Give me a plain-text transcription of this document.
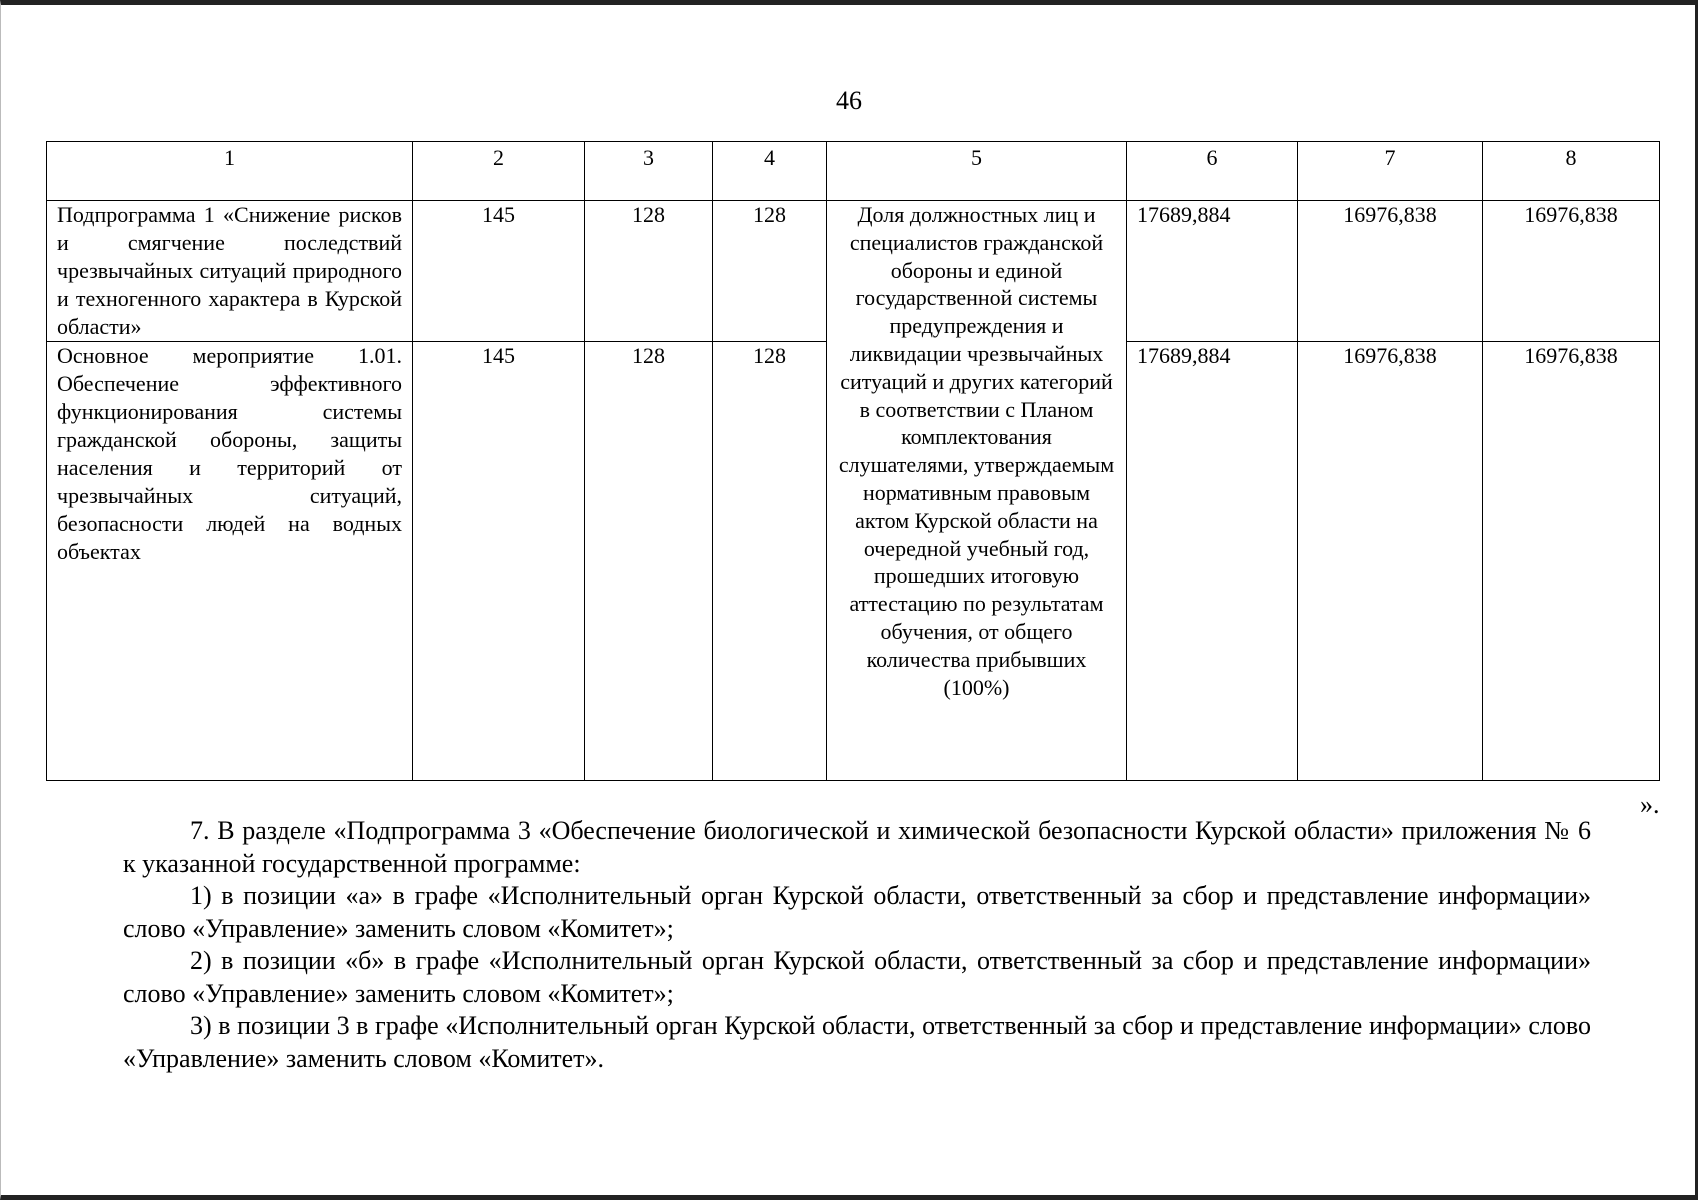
46
1	2	3	4	5	6	7	8
Подпрограмма 1 «Снижение рисков и смягчение последствий чрезвычайных ситуаций природного и техногенного характера в Курской области»	145	128	128	Доля должностных лиц и специалистов гражданской обороны и единой государственной системы предупреждения и ликвидации чрезвычайных ситуаций и других категорий в соответствии с Планом комплектования слушателями, утверждаемым нормативным правовым актом Курской области на очередной учебный год, прошедших итоговую аттестацию по результатам обучения, от общего количества прибывших (100%)	17689,884	16976,838	16976,838
Основное мероприятие 1.01. Обеспечение эффективного функционирования системы гражданской обороны, защиты населения и территорий от чрезвычайных ситуаций, безопасности людей на водных объектах	145	128	128		17689,884	16976,838	16976,838
».

7. В разделе «Подпрограмма 3 «Обеспечение биологической и химической безопасности Курской области» приложения № 6 к указанной государственной программе:

1) в позиции «а» в графе «Исполнительный орган Курской области, ответственный за сбор и представление информации» слово «Управление» заменить словом «Комитет»;

2) в позиции «б» в графе «Исполнительный орган Курской области, ответственный за сбор и представление информации» слово «Управление» заменить словом «Комитет»;

3) в позиции 3 в графе «Исполнительный орган Курской области, ответственный за сбор и представление информации» слово «Управление» заменить словом «Комитет».
